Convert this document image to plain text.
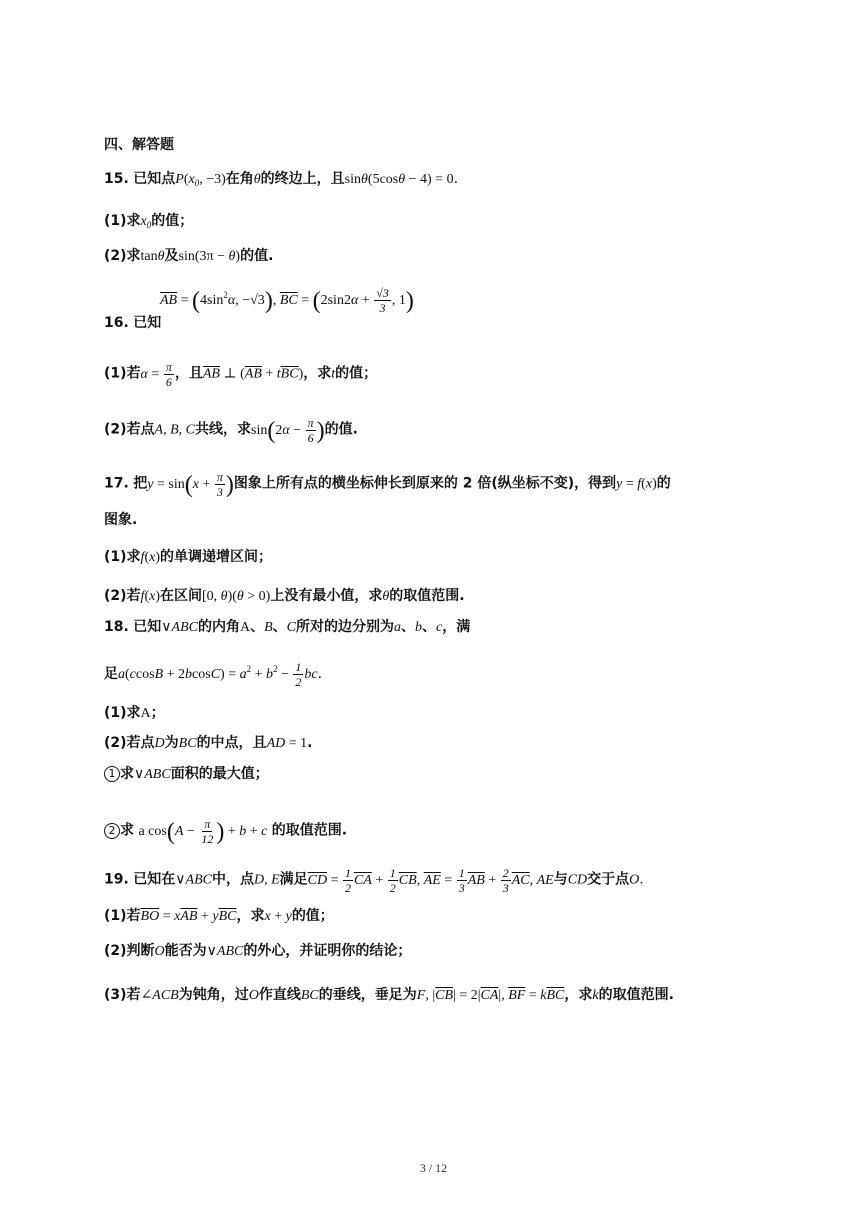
四、解答题
15. 已知点$P(x_0$, −3)在角θ的终边上，且sinθ(5cosθ − 4) = 0.
(1)求$x_0$的值；
(2)求tanθ及sin(3π − θ)的值.
$\overline{AB} = (4\sin^2\alpha$, −√3), $\overline{BC} = (2\sin 2\alpha + \frac{√3}{3}$ , 1)
16. 已知
(1)若$\alpha = \frac{\pi}{6}$ ，且$\overline{AB}$ ⊥ $(\overline{AB} + t\overline{BC})$，求t的值；
(2)若点A, B, C共线，求$\sin(2\alpha - \frac{\pi}{6}$ )的值.
17. 把$y = \sin(x + \frac{\pi}{3}$ )图象上所有点的横坐标伸长到原来的 2 倍(纵坐标不变)，得到y = f(x)的
图象.
(1)求f(x)的单调递增区间；
(2)若f(x)在区间[0, θ)(θ > 0)上没有最小值，求θ的取值范围.
18. 已知∨ABC的内角A、B、C所对的边分别为a、b、c，满
足$a(ccosB + 2bcosC) = a^2 + b^2 - \frac{1}{2}$ bc.
(1)求A；
(2)若点D为BC的中点，且AD = 1.
1 求∨ABC面积的最大值；
2 求 a $\cos(A - \frac{\pi}{12}$ ) + b + c 的取值范围.
19. 已知在∨ABC中，点D, E满足$\overline{CD} = \frac{1}{2} \overline{CA} + \frac{1}{2} \overline{CB}$, $\overline{AE} = \frac{1}{3} \overline{AB} + \frac{2}{3} \overline{AC}$, AE与CD交于点O.
(1)若$\overline{BO} = x\overline{AB} + y\overline{BC}$，求x + y的值；
(2)判断O能否为∨ABC的外心，并证明你的结论；
(3)若∠ACB为钝角，过O作直线BC的垂线，垂足为F, $|\overline{CB}| = 2|\overline{CA}|$, $\overline{BF} = k\overline{BC}$，求k的取值范围.
3 / 12
